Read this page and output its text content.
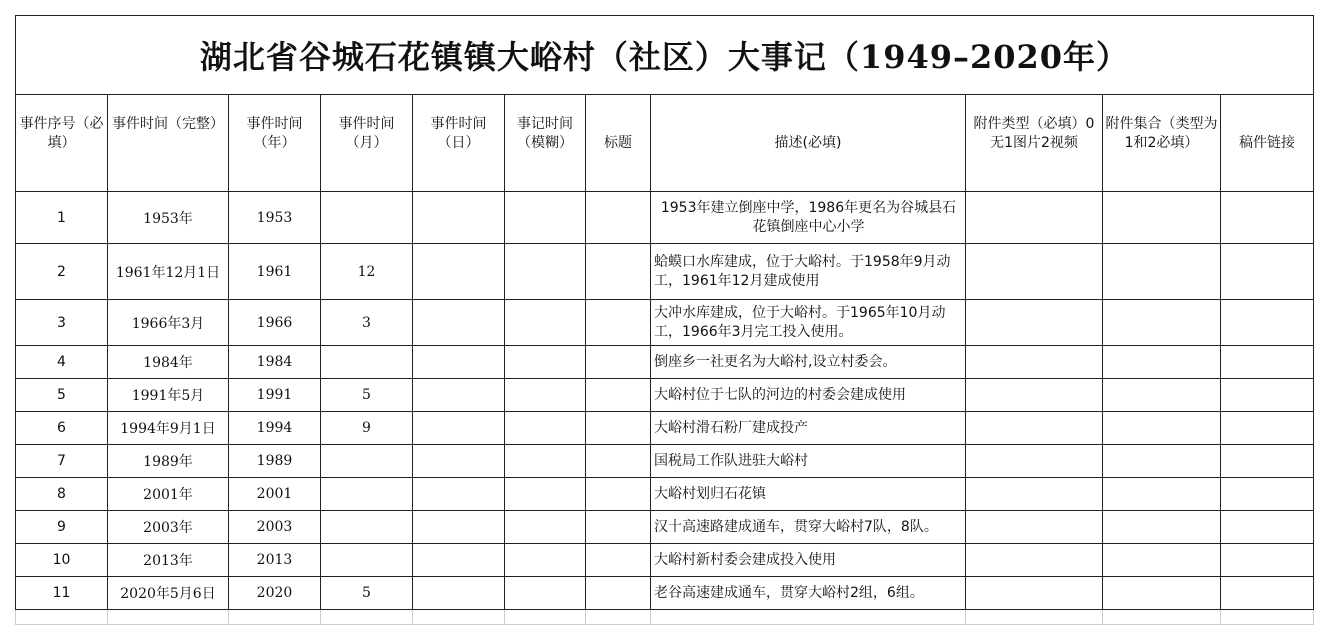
湖北省谷城石花镇镇大峪村（社区）大事记（1949–2020年）										
事件序号（必填）	事件时间（完整）	事件时间（年）	事件时间（月）	事件时间（日）	事记时间（模糊）	标题	描述(必填)	附件类型（必填）0无1图片2视频	附件集合（类型为1和2必填）	稿件链接
1	1953年	1953					1953年建立倒座中学，1986年更名为谷城县石花镇倒座中心小学			
2	1961年12月1日	1961	12				蛤蟆口水库建成，位于大峪村。于1958年9月动工，1961年12月建成使用			
3	1966年3月	1966	3				大冲水库建成，位于大峪村。于1965年10月动工，1966年3月完工投入使用。			
4	1984年	1984					倒座乡一社更名为大峪村,设立村委会。			
5	1991年5月	1991	5				大峪村位于七队的河边的村委会建成使用			
6	1994年9月1日	1994	9				大峪村滑石粉厂建成投产			
7	1989年	1989					国税局工作队进驻大峪村			
8	2001年	2001					大峪村划归石花镇			
9	2003年	2003					汉十高速路建成通车，贯穿大峪村7队，8队。			
10	2013年	2013					大峪村新村委会建成投入使用			
11	2020年5月6日	2020	5				老谷高速建成通车，贯穿大峪村2组，6组。			
